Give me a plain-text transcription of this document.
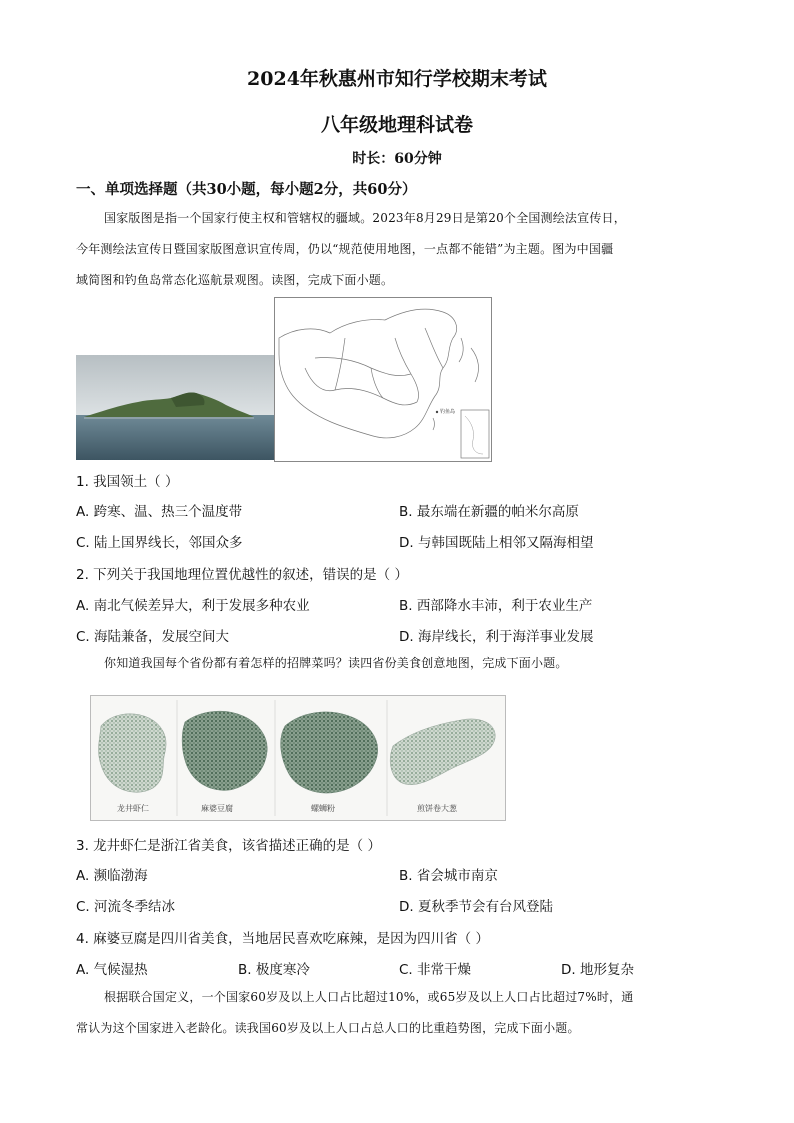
2024年秋惠州市知行学校期末考试
八年级地理科试卷
时长：60分钟
一、单项选择题（共30小题，每小题2分，共60分）
国家版图是指一个国家行使主权和管辖权的疆域。2023年8月29日是第20个全国测绘法宣传日，
今年测绘法宣传日暨国家版图意识宣传周，仍以“规范使用地图，一点都不能错”为主题。图为中国疆
域简图和钓鱼岛常态化巡航景观图。读图，完成下面小题。
钓鱼岛
1. 我国领土（ ）
A. 跨寒、温、热三个温度带	B. 最东端在新疆的帕米尔高原
C. 陆上国界线长，邻国众多	D. 与韩国既陆上相邻又隔海相望
2. 下列关于我国地理位置优越性的叙述，错误的是（ ）
A. 南北气候差异大，利于发展多种农业	B. 西部降水丰沛，利于农业生产
C. 海陆兼备，发展空间大	D. 海岸线长，利于海洋事业发展
你知道我国每个省份都有着怎样的招牌菜吗？读四省份美食创意地图，完成下面小题。
龙井虾仁	麻婆豆腐	螺蛳粉	煎饼卷大葱
3. 龙井虾仁是浙江省美食，该省描述正确的是（ ）
A. 濒临渤海	B. 省会城市南京
C. 河流冬季结冰	D. 夏秋季节会有台风登陆
4. 麻婆豆腐是四川省美食，当地居民喜欢吃麻辣，是因为四川省（ ）
A. 气候湿热	B. 极度寒冷	C. 非常干燥	D. 地形复杂
根据联合国定义，一个国家60岁及以上人口占比超过10%，或65岁及以上人口占比超过7%时，通
常认为这个国家进入老龄化。读我国60岁及以上人口占总人口的比重趋势图，完成下面小题。
